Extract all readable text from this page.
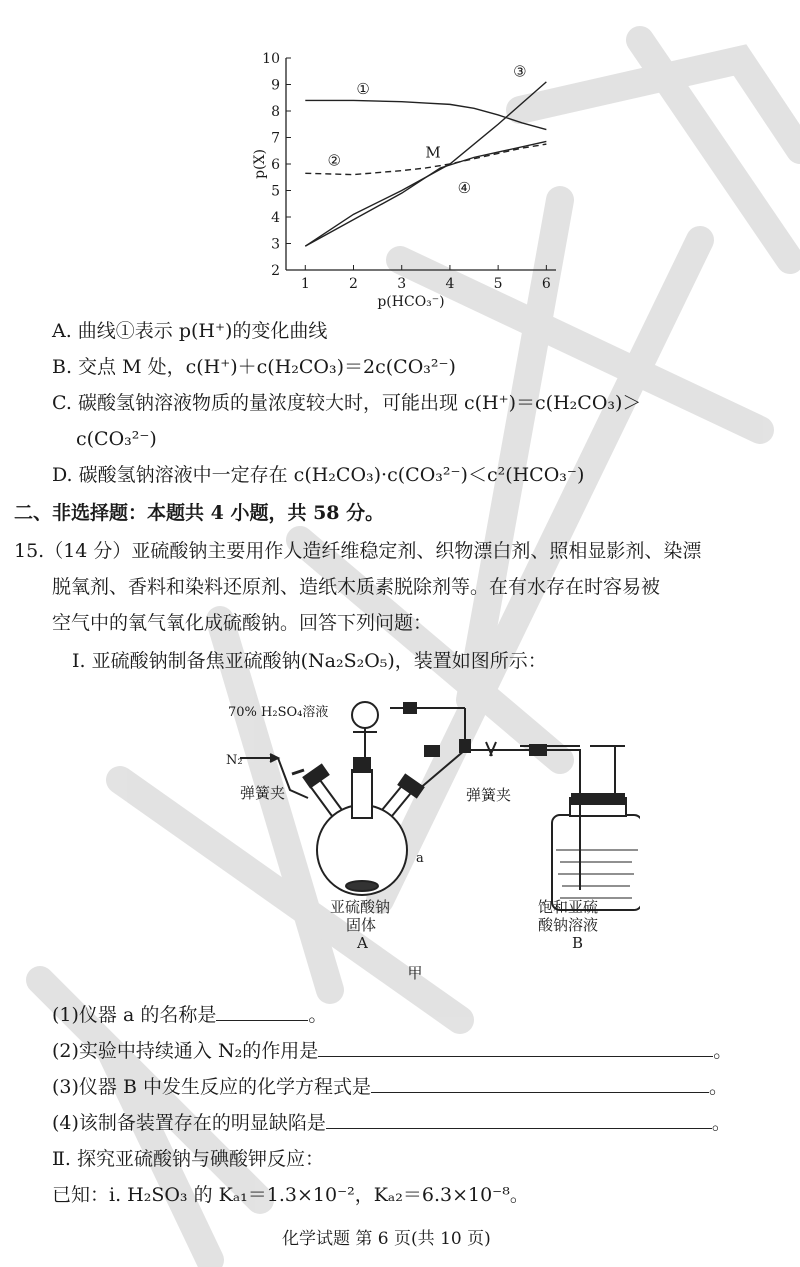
2
3
4
5
6
7
8
9
10
1	2	3	4	5	6
p(HCO₃⁻)
p(X)
①
②
③
④
M
A. 曲线①表示 p(H⁺)的变化曲线
B. 交点 M 处，c(H⁺)＋c(H₂CO₃)＝2c(CO₃²⁻)
C. 碳酸氢钠溶液物质的量浓度较大时，可能出现 c(H⁺)＝c(H₂CO₃)＞
c(CO₃²⁻)
D. 碳酸氢钠溶液中一定存在 c(H₂CO₃)·c(CO₃²⁻)＜c²(HCO₃⁻)
二、非选择题：本题共 4 小题，共 58 分。
15.（14 分）亚硫酸钠主要用作人造纤维稳定剂、织物漂白剂、照相显影剂、染漂
脱氧剂、香料和染料还原剂、造纸木质素脱除剂等。在有水存在时容易被
空气中的氧气氧化成硫酸钠。回答下列问题：
Ⅰ. 亚硫酸钠制备焦亚硫酸钠(Na₂S₂O₅)，装置如图所示：
70% H₂SO₄溶液
N₂
弹簧夹	弹簧夹
a
亚硫酸钠
固体
A
饱和亚硫
酸钠溶液
B
甲
(1)仪器 a 的名称是	。
(2)实验中持续通入 N₂的作用是	。
(3)仪器 B 中发生反应的化学方程式是	。
(4)该制备装置存在的明显缺陷是	。
Ⅱ. 探究亚硫酸钠与碘酸钾反应：
已知：i. H₂SO₃ 的 Kₐ₁＝1.3×10⁻²，Kₐ₂＝6.3×10⁻⁸。
化学试题 第 6 页(共 10 页)
